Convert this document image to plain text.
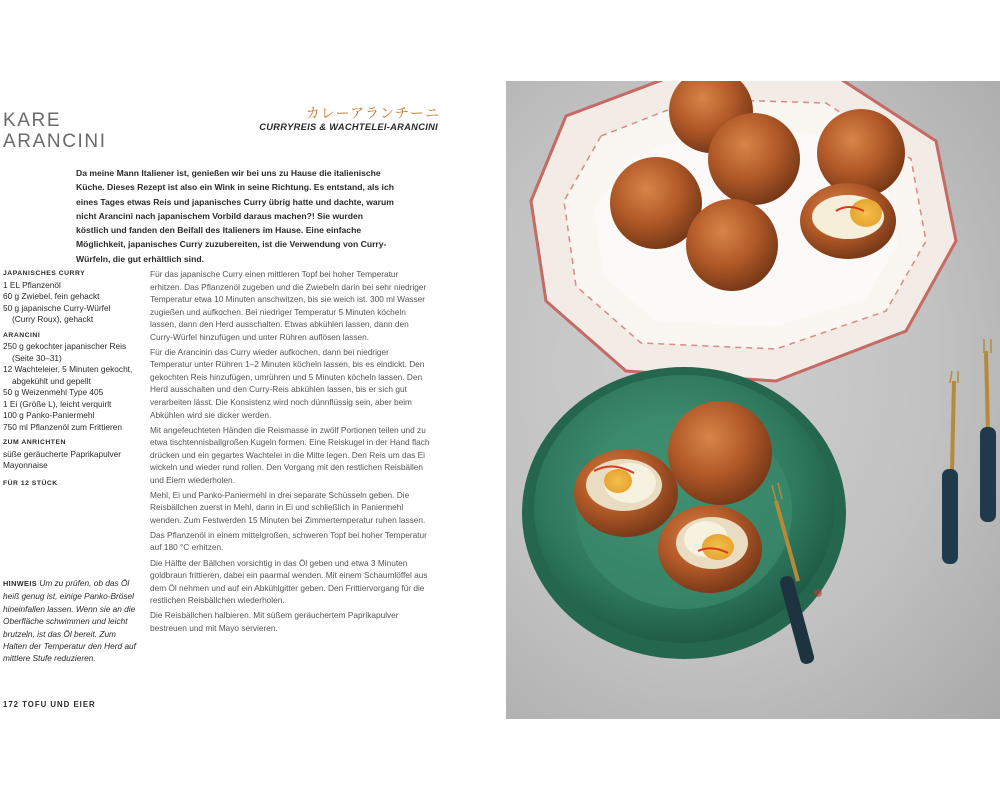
KARE
ARANCINI
カレーアランチーニ
CURRYREIS & WACHTELEI-ARANCINI
Da meine Mann Italiener ist, genießen wir bei uns zu Hause die italienische Küche. Dieses Rezept ist also ein Wink in seine Richtung. Es entstand, als ich eines Tages etwas Reis und japanisches Curry übrig hatte und dachte, warum nicht Arancini nach japanischem Vorbild daraus machen?! Sie wurden köstlich und fanden den Beifall des Italieners im Hause. Eine einfache Möglichkeit, japanisches Curry zuzubereiten, ist die Verwendung von Curry-Würfeln, die gut erhältlich sind.
JAPANISCHES CURRY
1 EL Pflanzenöl
60 g Zwiebel, fein gehackt
50 g japanische Curry-Würfel
(Curry Roux), gehackt
ARANCINI
250 g gekochter japanischer Reis
(Seite 30–31)
12 Wachteleier, 5 Minuten gekocht,
abgekühlt und gepellt
50 g Weizenmehl Type 405
1 Ei (Größe L), leicht verquirlt
100 g Panko-Paniermehl
750 ml Pflanzenöl zum Frittieren
ZUM ANRICHTEN
süße geräucherte Paprikapulver
Mayonnaise
FÜR 12 STÜCK
HINWEIS Um zu prüfen, ob das Öl heiß genug ist, einige Panko-Brösel hineinfallen lassen. Wenn sie an die Oberfläche schwimmen und leicht brutzeln, ist das Öl bereit. Zum Halten der Temperatur den Herd auf mittlere Stufe reduzieren.

Für das japanische Curry einen mittleren Topf bei hoher Temperatur erhitzen. Das Pflanzenöl zugeben und die Zwiebeln darin bei sehr niedriger Temperatur etwa 10 Minuten anschwitzen, bis sie weich ist. 300 ml Wasser zugießen und aufkochen. Bei niedriger Temperatur 5 Minuten köcheln lassen, dann den Herd ausschalten. Etwas abkühlen lassen, dann den Curry-Würfel hinzufügen und unter Rühren auflösen lassen.

Für die Arancinin das Curry wieder aufkochen, dann bei niedriger Temperatur unter Rühren 1–2 Minuten köcheln lassen, bis es eindickt. Den gekochten Reis hinzufügen, umrühren und 5 Minuten köcheln lassen. Den Herd ausschalten und den Curry-Reis abkühlen lassen, bis er sich gut verarbeiten lässt. Die Konsistenz wird noch dünnflüssig sein, aber beim Abkühlen wird sie dicker werden.

Mit angefeuchteten Händen die Reismasse in zwölf Portionen teilen und zu etwa tischtennisballgroßen Kugeln formen. Eine Reiskugel in der Hand flach drücken und ein gegartes Wachtelei in die Mitte legen. Den Reis um das Ei wickeln und wieder rund rollen. Den Vorgang mit den restlichen Reisbällen und Eiern wiederholen.

Mehl, Ei und Panko-Paniermehl in drei separate Schüsseln geben. Die Reisbällchen zuerst in Mehl, dann in Ei und schließlich in Paniermehl wenden. Zum Festwerden 15 Minuten bei Zimmertemperatur ruhen lassen.

Das Pflanzenöl in einem mittelgroßen, schweren Topf bei hoher Temperatur auf 180 °C erhitzen.

Die Hälfte der Bällchen vorsichtig in das Öl geben und etwa 3 Minuten goldbraun frittieren, dabei ein paarmal wenden. Mit einem Schaumlöffel aus dem Öl nehmen und auf ein Abkühlgitter geben. Den Frittiervorgang für die restlichen Reisbällchen wiederholen.

Die Reisbällchen halbieren. Mit süßem geräuchertem Paprikapulver bestreuen und mit Mayo servieren.

172 TOFU UND EIER
